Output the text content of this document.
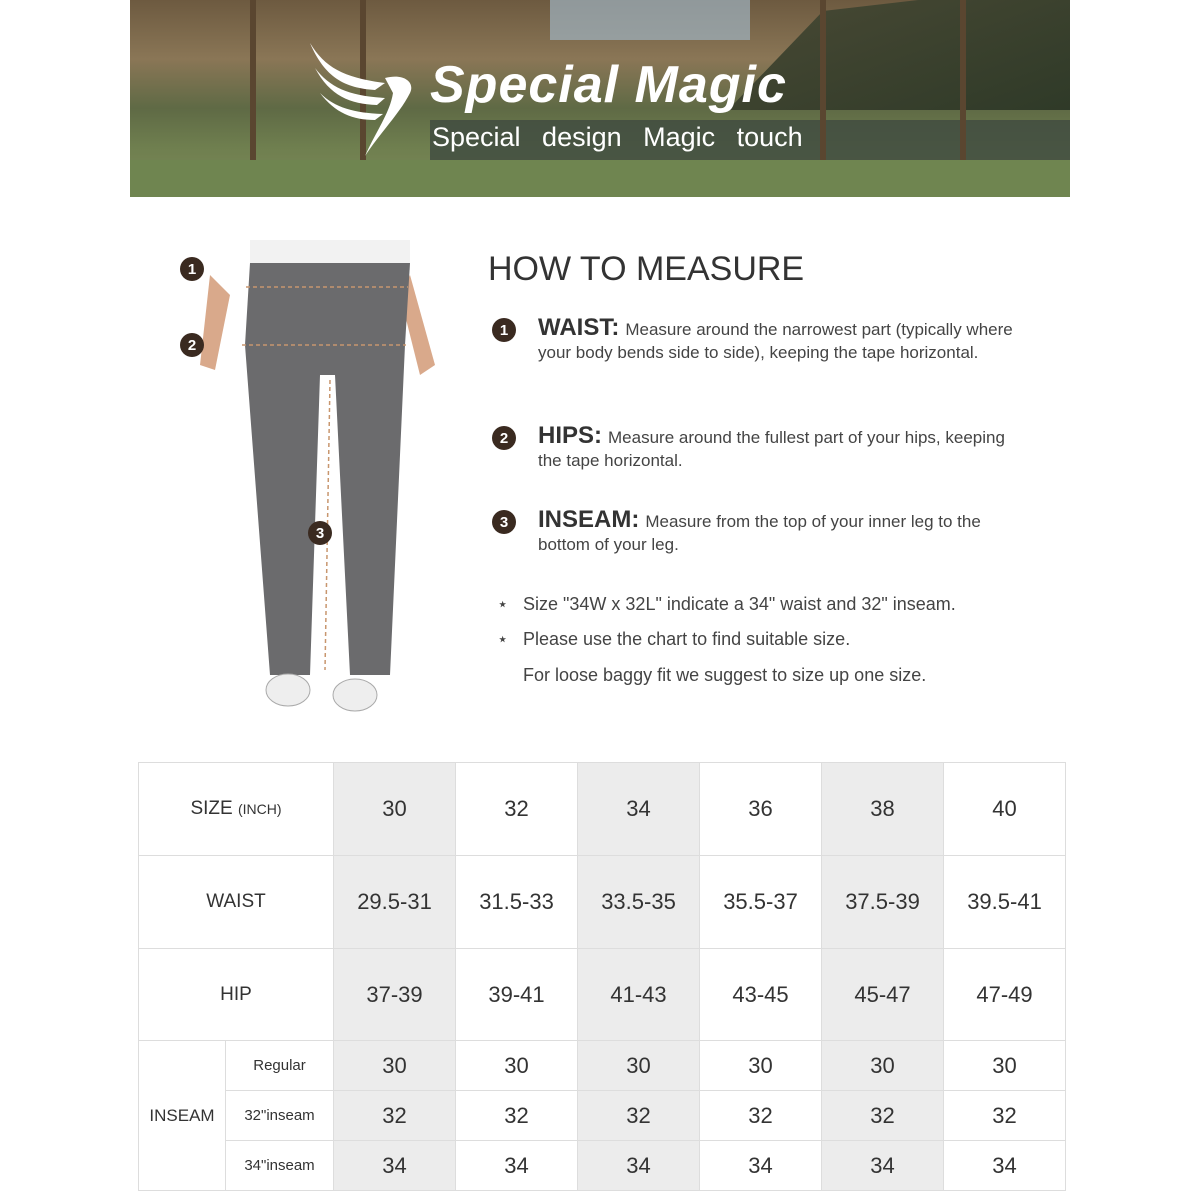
Special Magic
Special design Magic touch
1
2
3
HOW TO MEASURE
1	WAIST: Measure around the narrowest part (typically where your body bends side to side), keeping the tape horizontal.
2	HIPS: Measure around the fullest part of your hips, keeping the tape horizontal.
3	INSEAM: Measure from the top of your inner leg to the bottom of your leg.
⋆ Size "34W x 32L" indicate a 34" waist and 32" inseam.
⋆ Please use the chart to find suitable size.
For loose baggy fit we suggest to size up one size.
SIZE (INCH)		30	32	34	36	38	40
WAIST		29.5-31	31.5-33	33.5-35	35.5-37	37.5-39	39.5-41
HIP		37-39	39-41	41-43	43-45	45-47	47-49
INSEAM	Regular	30	30	30	30	30	30
	32"inseam	32	32	32	32	32	32
	34"inseam	34	34	34	34	34	34
